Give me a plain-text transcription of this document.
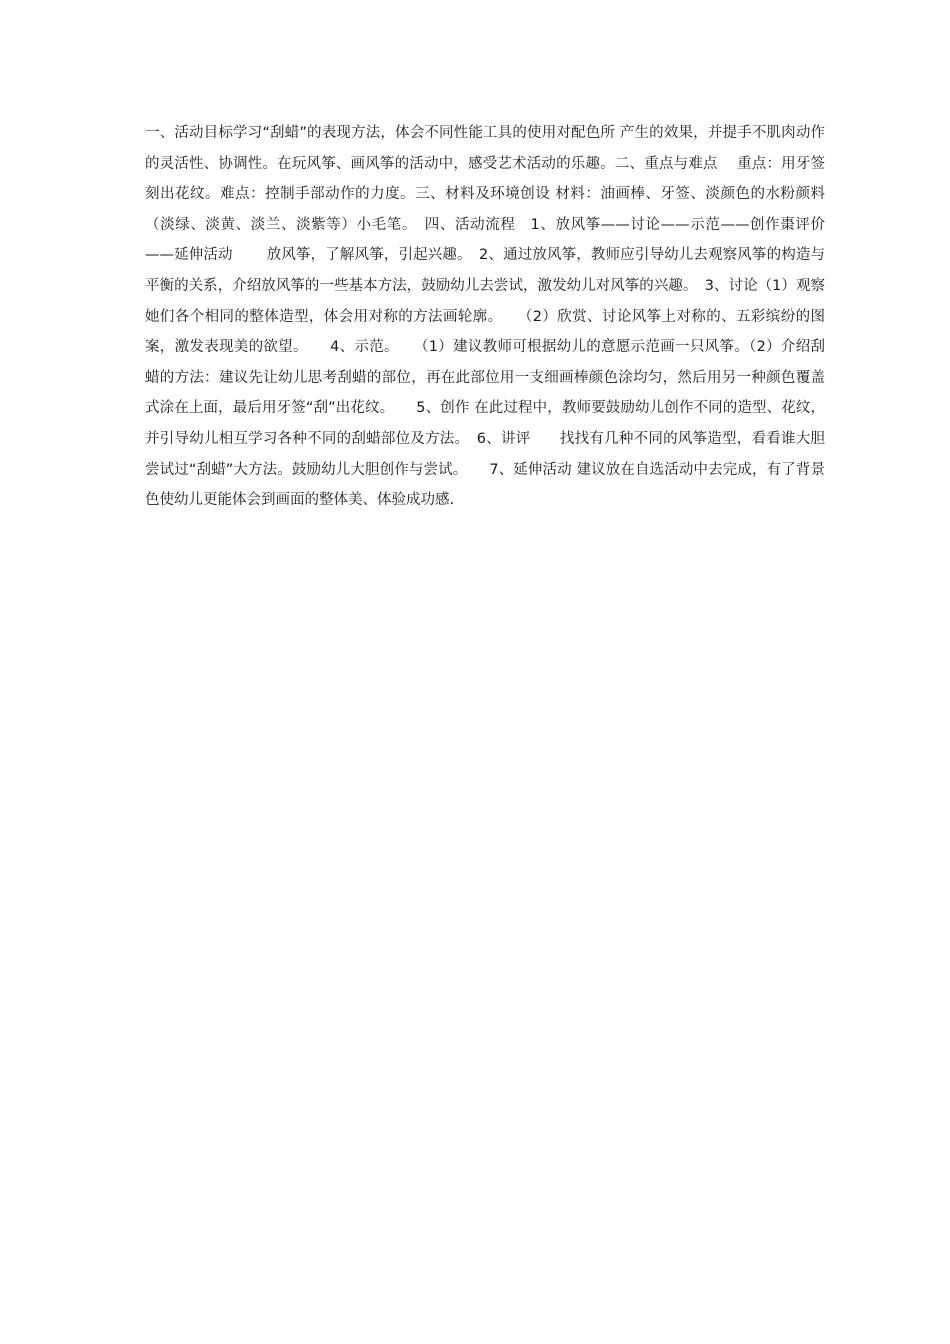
一、活动目标学习“刮蜡”的表现方法，体会不同性能工具的使用对配色所 产生的效果，并提手不肌肉动作的灵活性、协调性。在玩风筝、画风筝的活动中，感受艺术活动的乐趣。二、重点与难点　 重点：用牙签刻出花纹。难点：控制手部动作的力度。三、材料及环境创设 材料：油画棒、牙签、淡颜色的水粉颜料（淡绿、淡黄、淡兰、淡紫等）小毛笔。　四、活动流程　1、放风筝——讨论——示范——创作棗评价——延伸活动　　 放风筝，了解风筝，引起兴趣。　2、通过放风筝，教师应引导幼儿去观察风筝的构造与平衡的关系，介绍放风筝的一些基本方法，鼓励幼儿去尝试，激发幼儿对风筝的兴趣。　3、讨论（1）观察她们各个相同的整体造型，体会用对称的方法画轮廓。　　（2）欣赏、讨论风筝上对称的、五彩缤纷的图案，激发表现美的欲望。　　4、示范。　　（1）建议教师可根据幼儿的意愿示范画一只风筝。（2）介绍刮蜡的方法：建议先让幼儿思考刮蜡的部位，再在此部位用一支细画棒颜色涂均匀，然后用另一种颜色覆盖式涂在上面，最后用牙签“刮”出花纹。　　5、创作 在此过程中，教师要鼓励幼儿创作不同的造型、花纹，并引导幼儿相互学习各种不同的刮蜡部位及方法。　6、讲评　　找找有几种不同的风筝造型，看看谁大胆尝试过“刮蜡”大方法。鼓励幼儿大胆创作与尝试。　　7、延伸活动 建议放在自选活动中去完成，有了背景色使幼儿更能体会到画面的整体美、体验成功感.
